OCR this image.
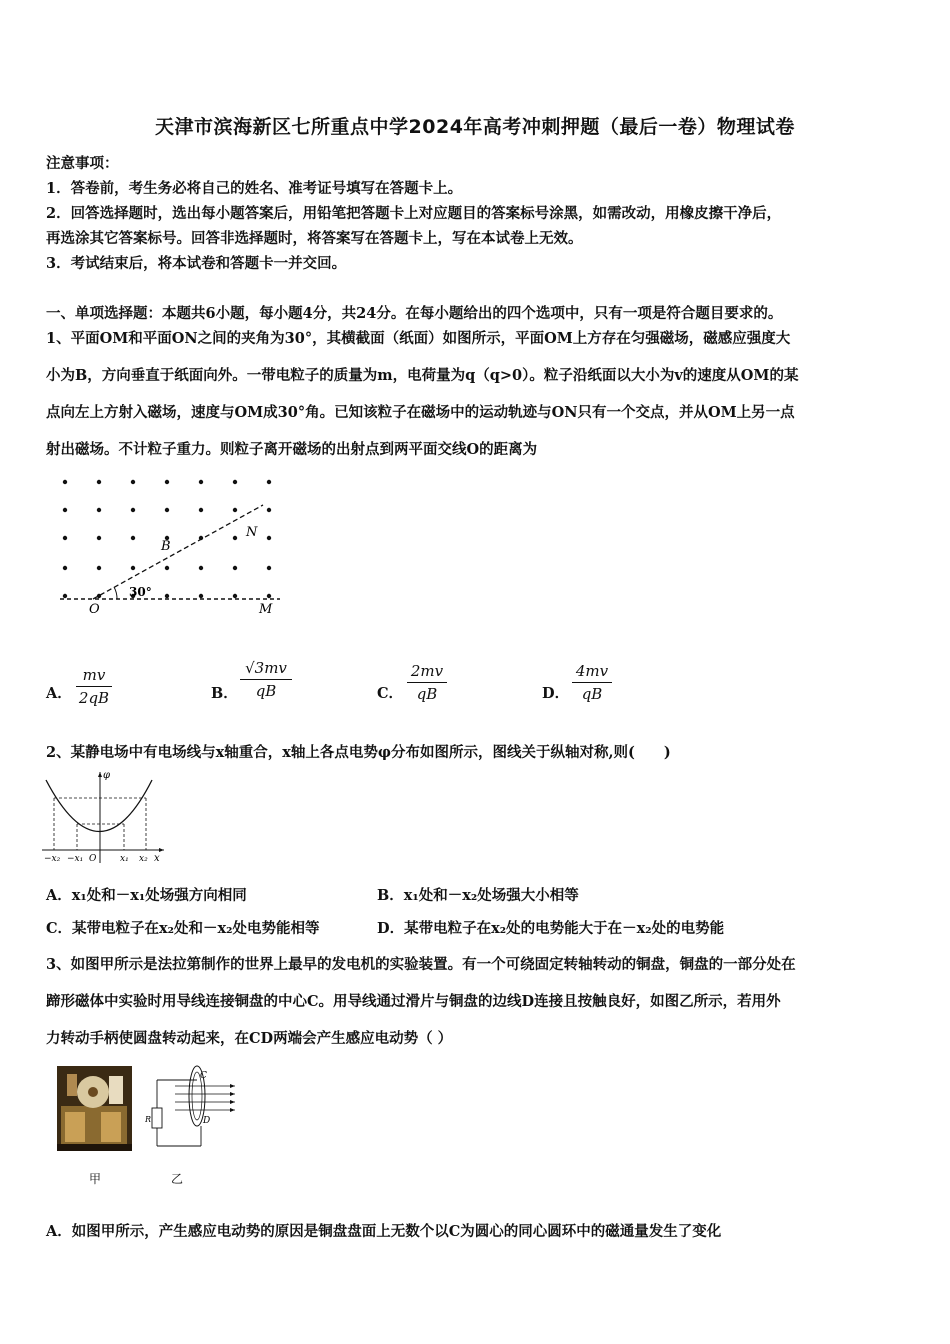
天津市滨海新区七所重点中学2024年高考冲刺押题（最后一卷）物理试卷
注意事项：
1．答卷前，考生务必将自己的姓名、准考证号填写在答题卡上。
2．回答选择题时，选出每小题答案后，用铅笔把答题卡上对应题目的答案标号涂黑，如需改动，用橡皮擦干净后，
再选涂其它答案标号。回答非选择题时，将答案写在答题卡上，写在本试卷上无效。
3．考试结束后，将本试卷和答题卡一并交回。
一、单项选择题：本题共6小题，每小题4分，共24分。在每小题给出的四个选项中，只有一项是符合题目要求的。
1、平面OM和平面ON之间的夹角为30°，其横截面（纸面）如图所示，平面OM上方存在匀强磁场，磁感应强度大
小为B，方向垂直于纸面向外。一带电粒子的质量为m，电荷量为q（q>0）。粒子沿纸面以大小为v的速度从OM的某
点向左上方射入磁场，速度与OM成30°角。已知该粒子在磁场中的运动轨迹与ON只有一个交点，并从OM上另一点
射出磁场。不计粒子重力。则粒子离开磁场的出射点到两平面交线O的距离为
O	M
N
B
30°
A． $\frac{mv}{2qB}$	B． $\frac{√3mv}{qB}$	C． $\frac{2mv}{qB}$	D． $\frac{4mv}{qB}$
2、某静电场中有电场线与x轴重合，x轴上各点电势φ分布如图所示，图线关于纵轴对称,则(　　)
φ
x
−x₂ −x₁ O	x₁ x₂
A．x₁处和－x₁处场强方向相同	B．x₁处和－x₂处场强大小相等
C．某带电粒子在x₂处和－x₂处电势能相等	D．某带电粒子在x₂处的电势能大于在－x₂处的电势能
3、如图甲所示是法拉第制作的世界上最早的发电机的实验装置。有一个可绕固定转轴转动的铜盘，铜盘的一部分处在
蹄形磁体中实验时用导线连接铜盘的中心C。用导线通过滑片与铜盘的边线D连接且按触良好，如图乙所示，若用外
力转动手柄使圆盘转动起来，在CD两端会产生感应电动势（ ）
C
D
R
甲	乙
A．如图甲所示，产生感应电动势的原因是铜盘盘面上无数个以C为圆心的同心圆环中的磁通量发生了变化
